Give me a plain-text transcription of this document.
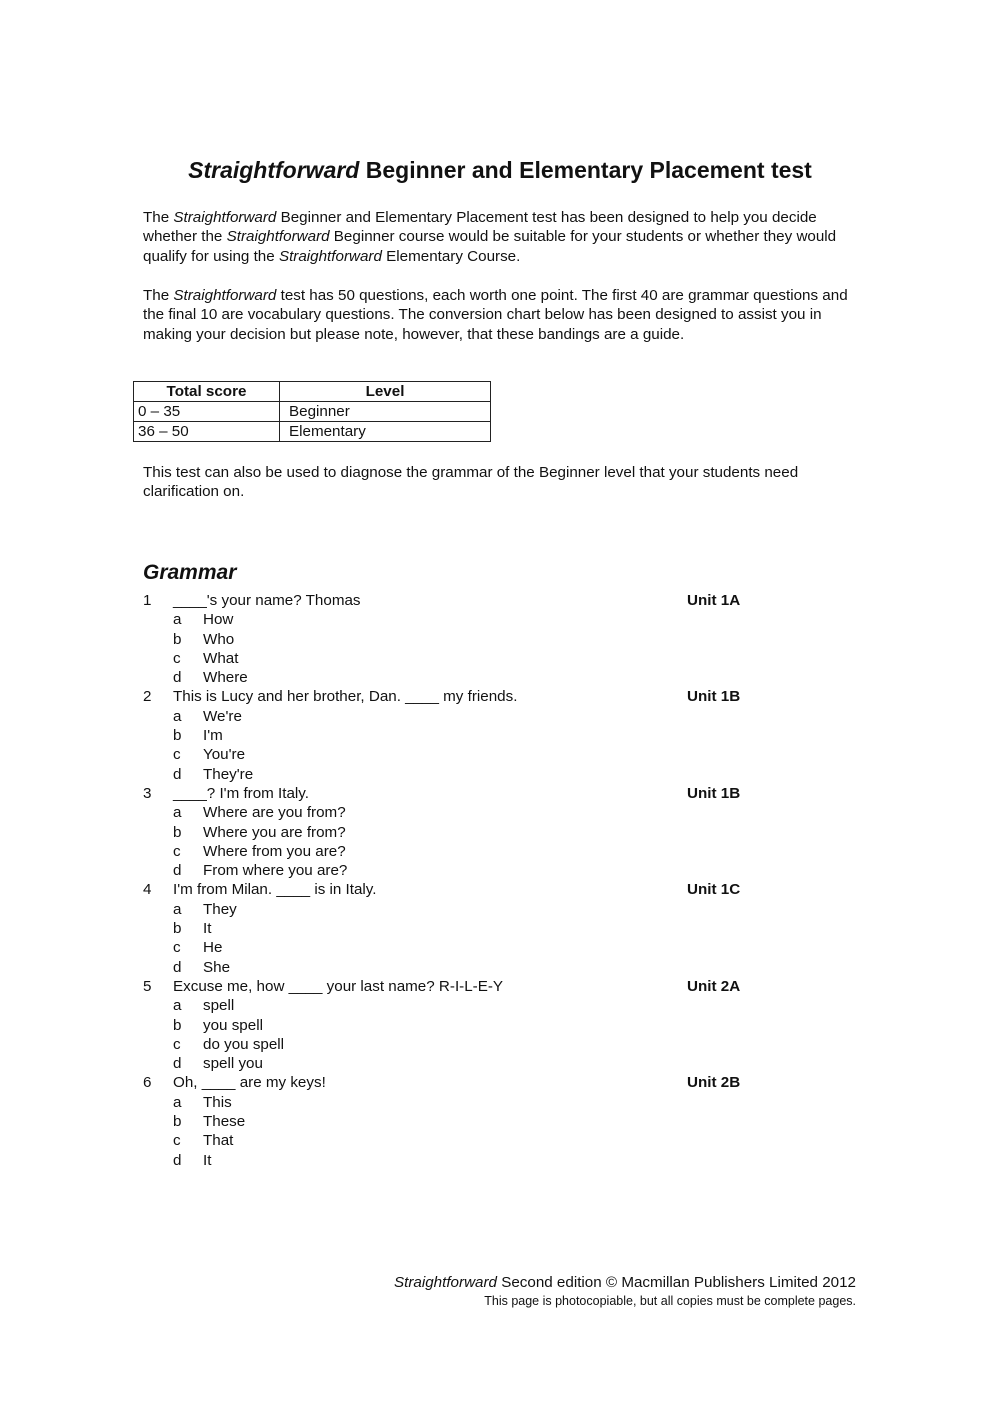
Straightforward Beginner and Elementary Placement test

The Straightforward Beginner and Elementary Placement test has been designed to help you decide whether the Straightforward Beginner course would be suitable for your students or whether they would qualify for using the Straightforward Elementary Course.

The Straightforward test has 50 questions, each worth one point. The first 40 are grammar questions and the final 10 are vocabulary questions. The conversion chart below has been designed to assist you in making your decision but please note, however, that these bandings are a guide.

Total score	Level
0 – 35	Beginner
36 – 50	Elementary

This test can also be used to diagnose the grammar of the Beginner level that your students need clarification on.

Grammar
1 ____'s your name? Thomas	Unit 1A
a How
b Who
c What
d Where
2 This is Lucy and her brother, Dan. ____ my friends.	Unit 1B
a We're
b I'm
c You're
d They're
3 ____? I'm from Italy.	Unit 1B
a Where are you from?
b Where you are from?
c Where from you are?
d From where you are?
4 I'm from Milan. ____ is in Italy.	Unit 1C
a They
b It
c He
d She
5 Excuse me, how ____ your last name? R-I-L-E-Y	Unit 2A
a spell
b you spell
c do you spell
d spell you
6 Oh, ____ are my keys!	Unit 2B
a This
b These
c That
d It
Straightforward Second edition © Macmillan Publishers Limited 2012
This page is photocopiable, but all copies must be complete pages.
